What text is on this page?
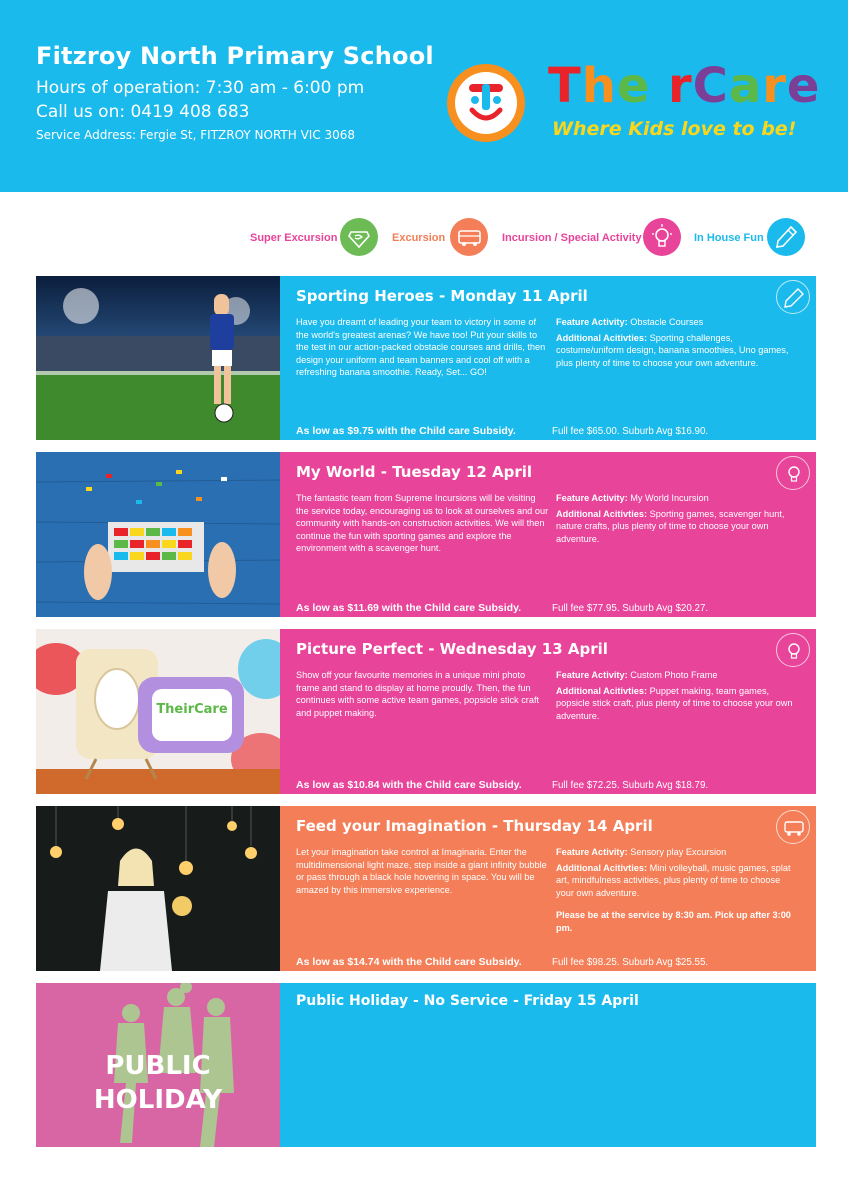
Fitzroy North Primary School
Hours of operation: 7:30 am - 6:00 pm
Call us on: 0419 408 683
Service Address: Fergie St, FITZROY NORTH VIC 3068
TheirCare
Where Kids love to be!
Super Excursion	Excursion	Incursion / Special Activity	In House Fun
Sporting Heroes - Monday 11 April
Have you dreamt of leading your team to victory in some of the world's greatest arenas? We have too! Put your skills to the test in our action-packed obstacle courses and drills, then design your uniform and team banners and cool off with a refreshing banana smoothie. Ready, Set... GO!
Feature Activity: Obstacle Courses
Additional Acitivties: Sporting challenges, costume/uniform design, banana smoothies, Uno games, plus plenty of time to choose your own adventure.
As low as $9.75 with the Child care Subsidy.	Full fee $65.00. Suburb Avg $16.90.
My World - Tuesday 12 April
The fantastic team from Supreme Incursions will be visiting the service today, encouraging us to look at ourselves and our community with hands-on construction activities. We will then continue the fun with sporting games and explore the environment with a scavenger hunt.
Feature Activity: My World Incursion
Additional Acitivties: Sporting games, scavenger hunt, nature crafts, plus plenty of time to choose your own adventure.
As low as $11.69 with the Child care Subsidy.	Full fee $77.95. Suburb Avg $20.27.
TheirCare
Picture Perfect - Wednesday 13 April
Show off your favourite memories in a unique mini photo frame and stand to display at home proudly. Then, the fun continues with some active team games, popsicle stick craft and puppet making.
Feature Activity: Custom Photo Frame
Additional Acitivties: Puppet making, team games, popsicle stick craft, plus plenty of time to choose your own adventure.
As low as $10.84 with the Child care Subsidy.	Full fee $72.25. Suburb Avg $18.79.
Feed your Imagination - Thursday 14 April
Let your imagination take control at Imaginaria. Enter the multidimensional light maze, step inside a giant infinity bubble or pass through a black hole hovering in space. You will be amazed by this immersive experience.
Feature Activity: Sensory play Excursion
Additional Acitivties: Mini volleyball, music games, splat art, mindfulness activities, plus plenty of time to choose your own adventure.
Please be at the service by 8:30 am. Pick up after 3:00 pm.
As low as $14.74 with the Child care Subsidy.	Full fee $98.25. Suburb Avg $25.55.
PUBLIC
HOLIDAY
Public Holiday - No Service - Friday 15 April
